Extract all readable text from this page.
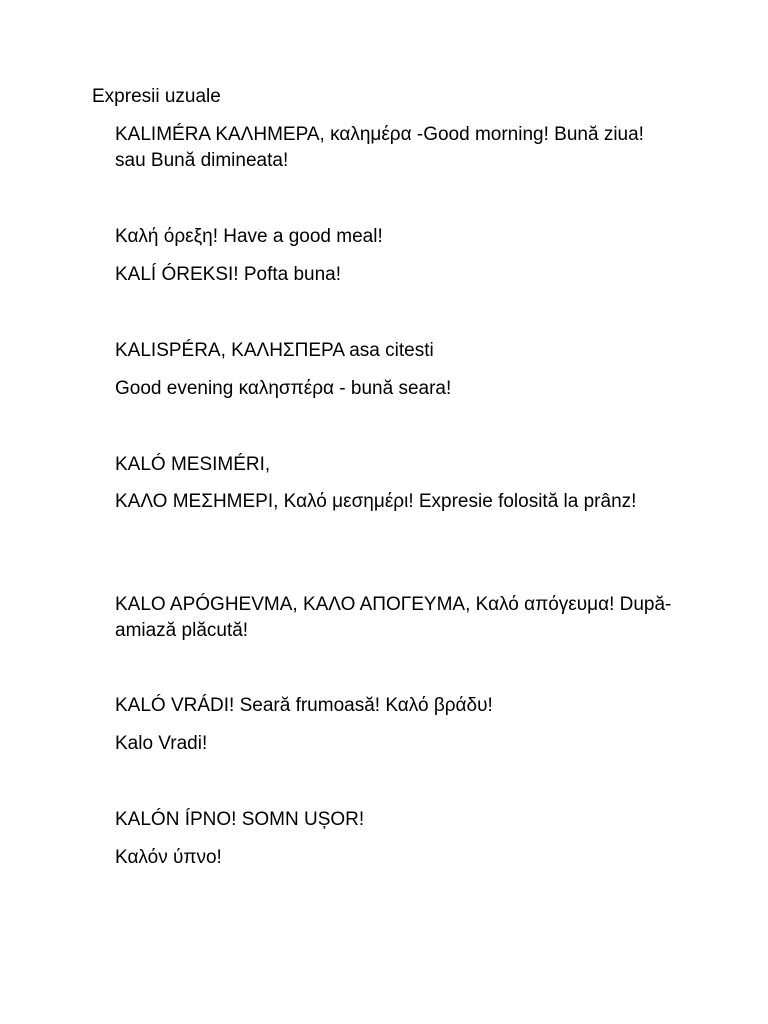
Expresii uzuale

KALIMÉRA ΚΑΛΗΜΕΡΑ, καλημέρα -Good morning! Bună ziua! sau Bună dimineata!

Καλή όρεξη! Have a good meal!

KALÍ ÓREKSI! Pofta buna!

KALISPÉRA, ΚΑΛΗΣΠΕΡΑ asa citesti

Good evening καλησπέρα - bună seara!

KALÓ MESIMÉRI,

ΚΑΛΟ ΜΕΣΗΜΕΡΙ, Καλό μεσημέρι! Expresie folosită la prânz!

KALO APÓGHEVMA, ΚΑΛΟ ΑΠΟΓΕΥΜΑ, Καλό απόγευμα! După-amiază plăcută!

KALÓ VRÁDI! Seară frumoasă! Καλό βράδυ!

Kalo Vradi!

KALÓN ÍPNO! SOMN UȘOR!

Καλόν ύπνο!
